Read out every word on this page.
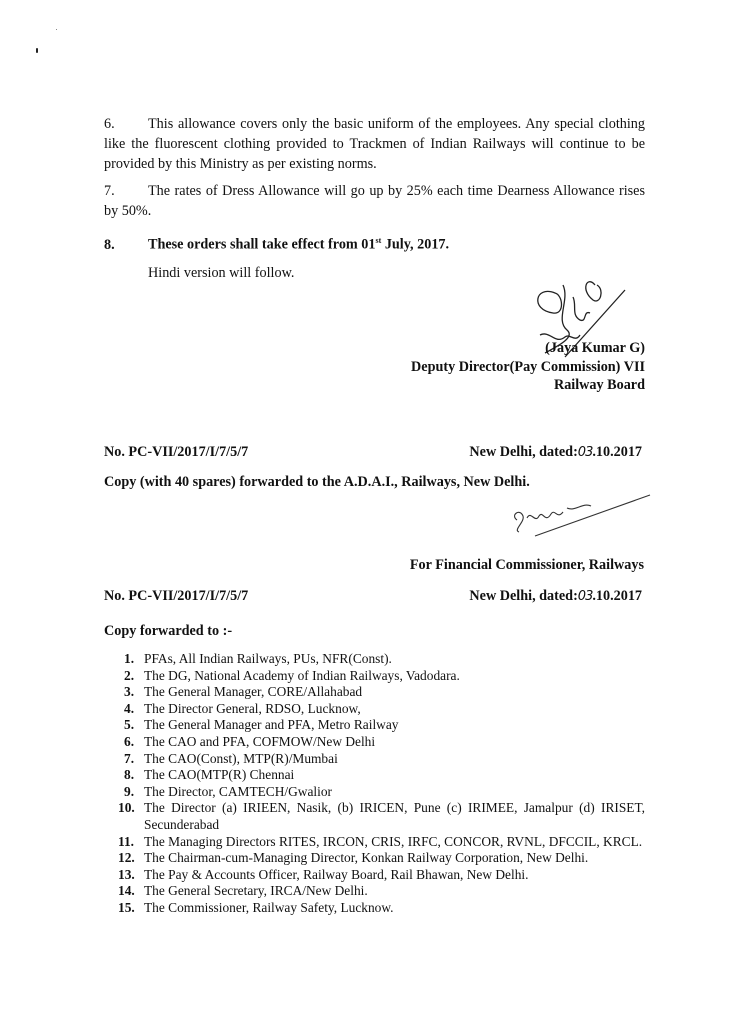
6. This allowance covers only the basic uniform of the employees. Any special clothing like the fluorescent clothing provided to Trackmen of Indian Railways will continue to be provided by this Ministry as per existing norms.
7. The rates of Dress Allowance will go up by 25% each time Dearness Allowance rises by 50%.
8. These orders shall take effect from 01st July, 2017.
Hindi version will follow.
(Jaya Kumar G)
Deputy Director(Pay Commission) VII
Railway Board
No. PC-VII/2017/I/7/5/7	New Delhi, dated:03.10.2017
Copy (with 40 spares) forwarded to the A.D.A.I., Railways, New Delhi.
For Financial Commissioner, Railways
No. PC-VII/2017/I/7/5/7	New Delhi, dated:03.10.2017
Copy forwarded to :-
1. PFAs, All Indian Railways, PUs, NFR(Const).
2. The DG, National Academy of Indian Railways, Vadodara.
3. The General Manager, CORE/Allahabad
4. The Director General, RDSO, Lucknow,
5. The General Manager and PFA, Metro Railway
6. The CAO and PFA, COFMOW/New Delhi
7. The CAO(Const), MTP(R)/Mumbai
8. The CAO(MTP(R) Chennai
9. The Director, CAMTECH/Gwalior
10. The Director (a) IRIEEN, Nasik, (b) IRICEN, Pune (c) IRIMEE, Jamalpur (d) IRISET, Secunderabad
11. The Managing Directors RITES, IRCON, CRIS, IRFC, CONCOR, RVNL, DFCCIL, KRCL.
12. The Chairman-cum-Managing Director, Konkan Railway Corporation, New Delhi.
13. The Pay & Accounts Officer, Railway Board, Rail Bhawan, New Delhi.
14. The General Secretary, IRCA/New Delhi.
15. The Commissioner, Railway Safety, Lucknow.
